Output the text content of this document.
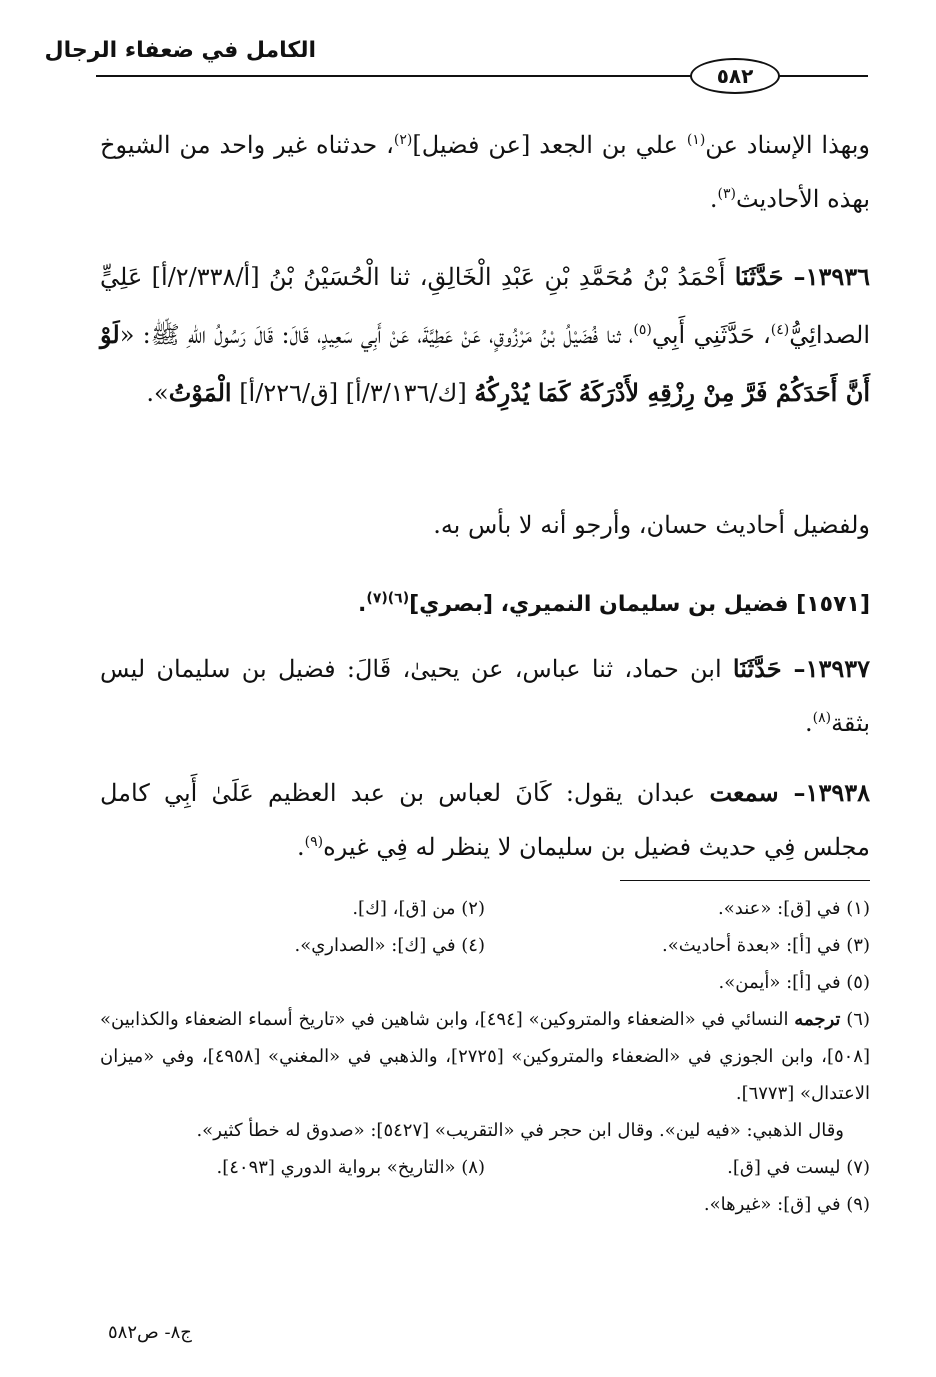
الكامل في ضعفاء الرجال
٥٨٢

وبهذا الإسناد عن$^{(١)}$ علي بن الجعد [عن فضيل]$^{(٢)}$، حدثناه غير واحد من الشيوخ بهذه الأحاديث$^{(٣)}$.

١٣٩٣٦– حَدَّثَنَا أَحْمَدُ بْنُ مُحَمَّدِ بْنِ عَبْدِ الْخَالِقِ، ثنا الْحُسَيْنُ بْنُ [أ/٢/٣٣٨/أ] عَلِيٍّ الصدائِيُّ$^{(٤)}$، حَدَّثَنِي أَبِي$^{(٥)}$، ثنا فُضَيْلُ بْنُ مَرْزُوقٍ، عَنْ عَطِيَّةَ، عَنْ أَبِي سَعِيدٍ، قَالَ: قَالَ رَسُولُ اللهِ ﷺ: «لَوْ أَنَّ أَحَدَكُمْ فَرَّ مِنْ رِزْقِهِ لأَدْرَكَهُ كَمَا يُدْرِكُهُ [ك/٣/١٣٦/أ] [ق/٢٢٦/أ] الْمَوْتُ».

ولفضيل أحاديث حسان، وأرجو أنه لا بأس به.

[١٥٧١] فضيل بن سليمان النميري، [بصري]$^{(٦)(٧)}$.

١٣٩٣٧– حَدَّثَنَا ابن حماد، ثنا عباس، عن يحيىٰ، قَالَ: فضيل بن سليمان ليس بثقة$^{(٨)}$.

١٣٩٣٨– سمعت عبدان يقول: كَانَ لعباس بن عبد العظيم عَلَىٰ أَبِي كامل مجلس فِي حديث فضيل بن سليمان لا ينظر له فِي غيره$^{(٩)}$.

(١) في [ق]: «عند».
(٢) من [ق]، [ك].
(٣) في [أ]: «بعدة أحاديث».
(٤) في [ك]: «الصداري».
(٥) في [أ]: «أيمن».
(٦) ترجمه النسائي في «الضعفاء والمتروكين» [٤٩٤]، وابن شاهين في «تاريخ أسماء الضعفاء والكذابين» [٥٠٨]، وابن الجوزي في «الضعفاء والمتروكين» [٢٧٢٥]، والذهبي في «المغني» [٤٩٥٨]، وفي «ميزان الاعتدال» [٦٧٧٣].
وقال الذهبي: «فيه لين». وقال ابن حجر في «التقريب» [٥٤٢٧]: «صدوق له خطأ كثير».
(٧) ليست في [ق].
(٨) «التاريخ» برواية الدوري [٤٠٩٣].
(٩) في [ق]: «غيرها».
ج٨- ص٥٨٢
